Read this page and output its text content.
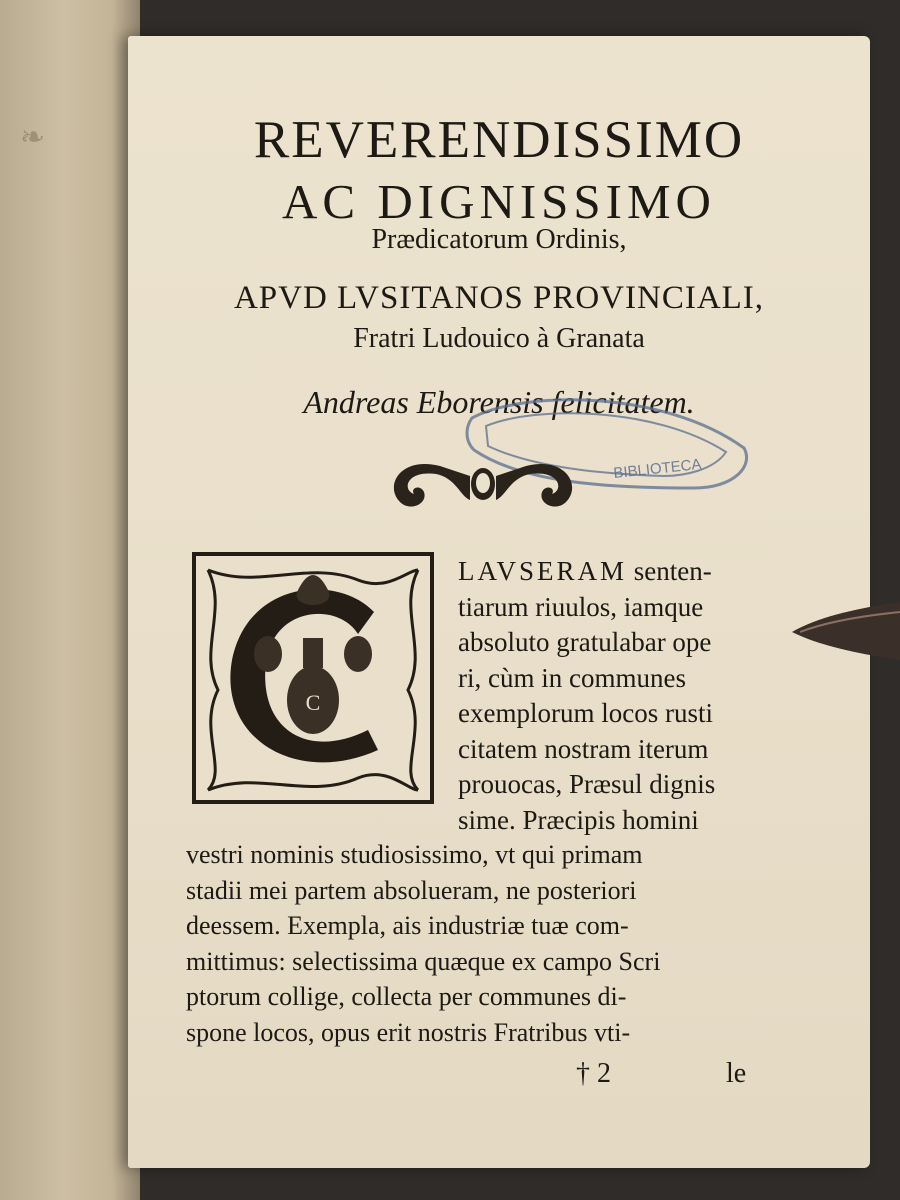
❧	REVERENDISSIMO
AC DIGNISSIMO
Prædicatorum Ordinis,
APVD LVSITANOS PROVINCIALI,
Fratri Ludouico à Granata
Andreas Eborensis felicitatem.
BIBLIOTECA
C
LAVSERAM senten-
tiarum riuulos, iamque
absoluto gratulabar ope
ri, cùm in communes
exemplorum locos rusti
citatem nostram iterum
prouocas, Præsul dignis
sime. Præcipis homini
vestri nominis studiosissimo, vt qui primam
stadii mei partem absolueram, ne posteriori
deessem. Exempla, ais industriæ tuæ com-
mittimus: selectissima quæque ex campo Scri
ptorum collige, collecta per communes di-
spone locos, opus erit nostris Fratribus vti-
† 2	le
